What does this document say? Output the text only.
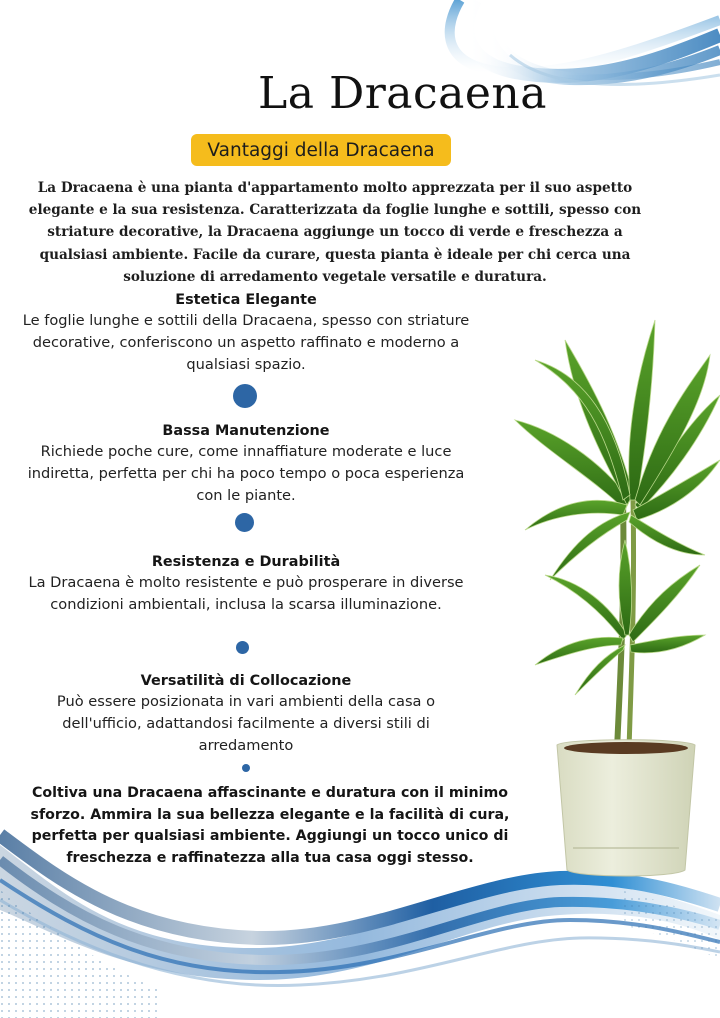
La Dracaena
Vantaggi della Dracaena
La Dracaena è una pianta d'appartamento molto apprezzata per il suo aspetto elegante e la sua resistenza. Caratterizzata da foglie lunghe e sottili, spesso con striature decorative, la Dracaena aggiunge un tocco di verde e freschezza a qualsiasi ambiente. Facile da curare, questa pianta è ideale per chi cerca una soluzione di arredamento vegetale versatile e duratura.
Estetica Elegante

Le foglie lunghe e sottili della Dracaena, spesso con striature decorative, conferiscono un aspetto raffinato e moderno a qualsiasi spazio.

Bassa Manutenzione

Richiede poche cure, come innaffiature moderate e luce indiretta, perfetta per chi ha poco tempo o poca esperienza con le piante.

Resistenza e Durabilità

La Dracaena è molto resistente e può prosperare in diverse condizioni ambientali, inclusa la scarsa illuminazione.

Versatilità di Collocazione

Può essere posizionata in vari ambienti della casa o dell'ufficio, adattandosi facilmente a diversi stili di arredamento

Coltiva una Dracaena affascinante e duratura con il minimo sforzo. Ammira la sua bellezza elegante e la facilità di cura, perfetta per qualsiasi ambiente. Aggiungi un tocco unico di freschezza e raffinatezza alla tua casa oggi stesso.
